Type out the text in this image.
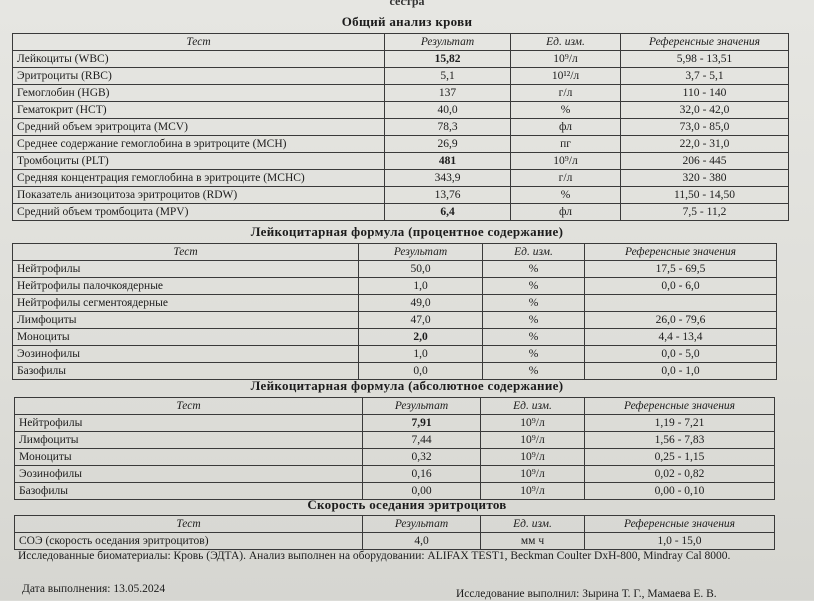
сестра
Общий анализ крови
Тест	Результат	Ед. изм.	Референсные значения
Лейкоциты (WBC)	15,82	10⁹/л	5,98 - 13,51
Эритроциты (RBC)	5,1	10¹²/л	3,7 - 5,1
Гемоглобин (HGB)	137	г/л	110 - 140
Гематокрит (HCT)	40,0	%	32,0 - 42,0
Средний объем эритроцита (MCV)	78,3	фл	73,0 - 85,0
Среднее содержание гемоглобина в эритроците (MCH)	26,9	пг	22,0 - 31,0
Тромбоциты (PLT)	481	10⁹/л	206 - 445
Средняя концентрация гемоглобина в эритроците (MCHC)	343,9	г/л	320 - 380
Показатель анизоцитоза эритроцитов (RDW)	13,76	%	11,50 - 14,50
Средний объем тромбоцита (MPV)	6,4	фл	7,5 - 11,2
Лейкоцитарная формула (процентное содержание)
Тест	Результат	Ед. изм.	Референсные значения
Нейтрофилы	50,0	%	17,5 - 69,5
Нейтрофилы палочкоядерные	1,0	%	0,0 - 6,0
Нейтрофилы сегментоядерные	49,0	%	
Лимфоциты	47,0	%	26,0 - 79,6
Моноциты	2,0	%	4,4 - 13,4
Эозинофилы	1,0	%	0,0 - 5,0
Базофилы	0,0	%	0,0 - 1,0
Лейкоцитарная формула (абсолютное содержание)
Тест	Результат	Ед. изм.	Референсные значения
Нейтрофилы	7,91	10⁹/л	1,19 - 7,21
Лимфоциты	7,44	10⁹/л	1,56 - 7,83
Моноциты	0,32	10⁹/л	0,25 - 1,15
Эозинофилы	0,16	10⁹/л	0,02 - 0,82
Базофилы	0,00	10⁹/л	0,00 - 0,10
Скорость оседания эритроцитов
Тест	Результат	Ед. изм.	Референсные значения
СОЭ (скорость оседания эритроцитов)	4,0	мм ч	1,0 - 15,0
Исследованные биоматериалы: Кровь (ЭДТА). Анализ выполнен на оборудовании: ALIFAX TEST1, Beckman Coulter DxH-800, Mindray Cal 8000.
Дата выполнения: 13.05.2024	Исследование выполнил: Зырина Т. Г., Мамаева Е. В.
